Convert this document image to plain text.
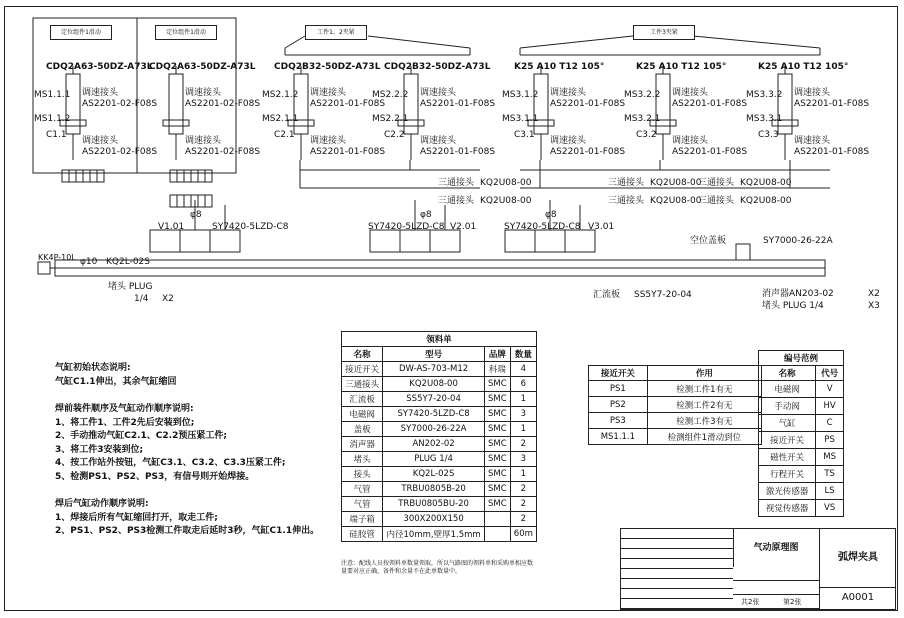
定位组件1滑动	定位组件1滑动	工件1、2夹紧	工件3夹紧
CDQ2A63-50DZ-A73L
MS1.1.1
MS1.1.2
C1.1
调速接头
AS2201-02-F08S
调速接头
AS2201-02-F08S
CDQ2A63-50DZ-A73L
调速接头
AS2201-02-F08S
调速接头
AS2201-02-F08S
CDQ2B32-50DZ-A73L
MS2.1.2
MS2.1.1
C2.1
调速接头
AS2201-01-F08S
调速接头
AS2201-01-F08S
CDQ2B32-50DZ-A73L
MS2.2.2
MS2.2.1
C2.2
调速接头
AS2201-01-F08S
调速接头
AS2201-01-F08S
K25 A10 T12 105°
MS3.1.2
MS3.1.1
C3.1
调速接头
AS2201-01-F08S
调速接头
AS2201-01-F08S
K25 A10 T12 105°
MS3.2.2
MS3.2.1
C3.2
调速接头
AS2201-01-F08S
调速接头
AS2201-01-F08S
K25 A10 T12 105°
MS3.3.2
MS3.3.1
C3.3
调速接头
AS2201-01-F08S
调速接头
AS2201-01-F08S
V1.01	SY7420-5LZD-C8	SY7420-5LZD-C8 V2.01	SY7420-5LZD-C8 V3.01
φ8	φ8	φ8
KK4P-10L φ10 KQ2L-02S
堵头 PLUG
1/4 X2
空位盖板	SY7000-26-22A
汇流板 SS5Y7-20-04	消声器AN203-02	X2
堵头 PLUG 1/4	X3
三通接头 KQ2U08-00
三通接头 KQ2U08-00
三通接头 KQ2U08-00
三通接头 KQ2U08-00
三通接头 KQ2U08-00
三通接头 KQ2U08-00
气缸初始状态说明:
气缸C1.1伸出，其余气缸缩回
焊前装件顺序及气缸动作顺序说明:
1、将工件1、工件2先后安装到位;
2、手动推动气缸C2.1、C2.2预压紧工件;
3、将工件3安装到位;
4、按工作站外按钮，气缸C3.1、C3.2、C3.3压紧工件;
5、检测PS1、PS2、PS3，有信号则开始焊接。
焊后气缸动作顺序说明:
1、焊接后所有气缸缩回打开，取走工件;
2、PS1、PS2、PS3检测工件取走后延时3秒，气缸C1.1伸出。
领料单			
名称	型号	品牌	数量
接近开关	DW-AS-703-M12	科瑞	4
三通接头	KQ2U08-00	SMC	6
汇流板	SS5Y7-20-04	SMC	1
电磁阀	SY7420-5LZD-C8	SMC	3
盖板	SY7000-26-22A	SMC	1
消声器	AN202-02	SMC	2
堵头	PLUG 1/4	SMC	3
接头	KQ2L-02S	SMC	1
气管	TRBU0805B-20	SMC	2
气管	TRBU0805BU-20	SMC	2
端子箱	300X200X150		2
硅胶管	内径10mm,壁厚1.5mm		60m
注意：配线人员按领料单数量领取，所以气路图的领料单和采购单相应数量要对应正确，备件和余量不在此单数量中。
接近开关	作用
PS1	检测工件1有无
PS2	检测工件2有无
PS3	检测工件3有无
MS1.1.1	检测组件1滑动到位
编号范例	
名称	代号
电磁阀	V
手动阀	HV
气缸	C
接近开关	PS
磁性开关	MS
行程开关	TS
激光传感器	LS
视觉传感器	VS
气动原理图
弧焊夹具
A0001
共2张	第2张
